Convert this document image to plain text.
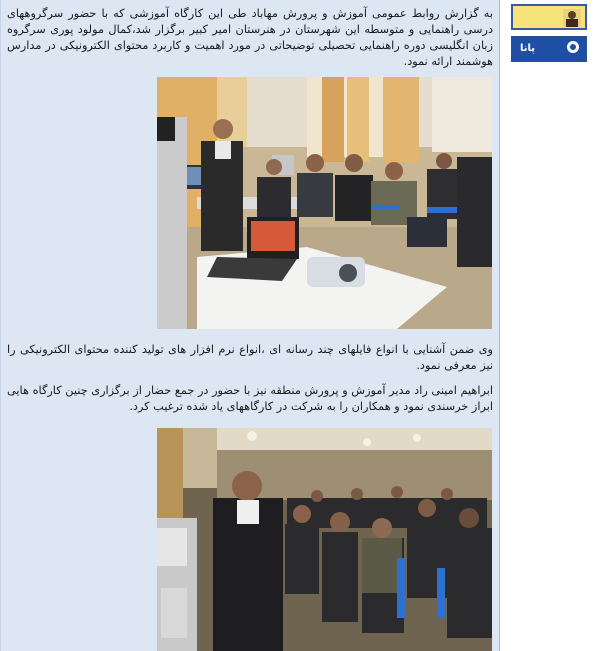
به گزارش روابط عمومی آموزش و پرورش مهاباد طی این کارگاه آموزشی که با حضور سرگروههای درسی راهنمایی و متوسطه این شهرستان در هنرستان امیر کبیر برگزار شد،کمال مولود پوری سرگروه زبان انگلیسی دوره راهنمایی تحصیلی توضیحاتی در مورد اهمیت و کاربرد محتوای الکترونیکی در مدارس هوشمند ارائه نمود.

وی ضمن آشنایی با انواع فایلهای چند رسانه ای ،انواع نرم افزار های تولید کننده محتوای الکترونیکی را نیز معرفی نمود.

ابراهیم امینی راد مدیر آموزش و پرورش منطقه نیز با حضور در جمع حضار از برگزاری چنین کارگاه هایی ابراز خرسندی نمود و همکاران را به شرکت در کارگاههای یاد شده ترغیب کرد.

پانا
